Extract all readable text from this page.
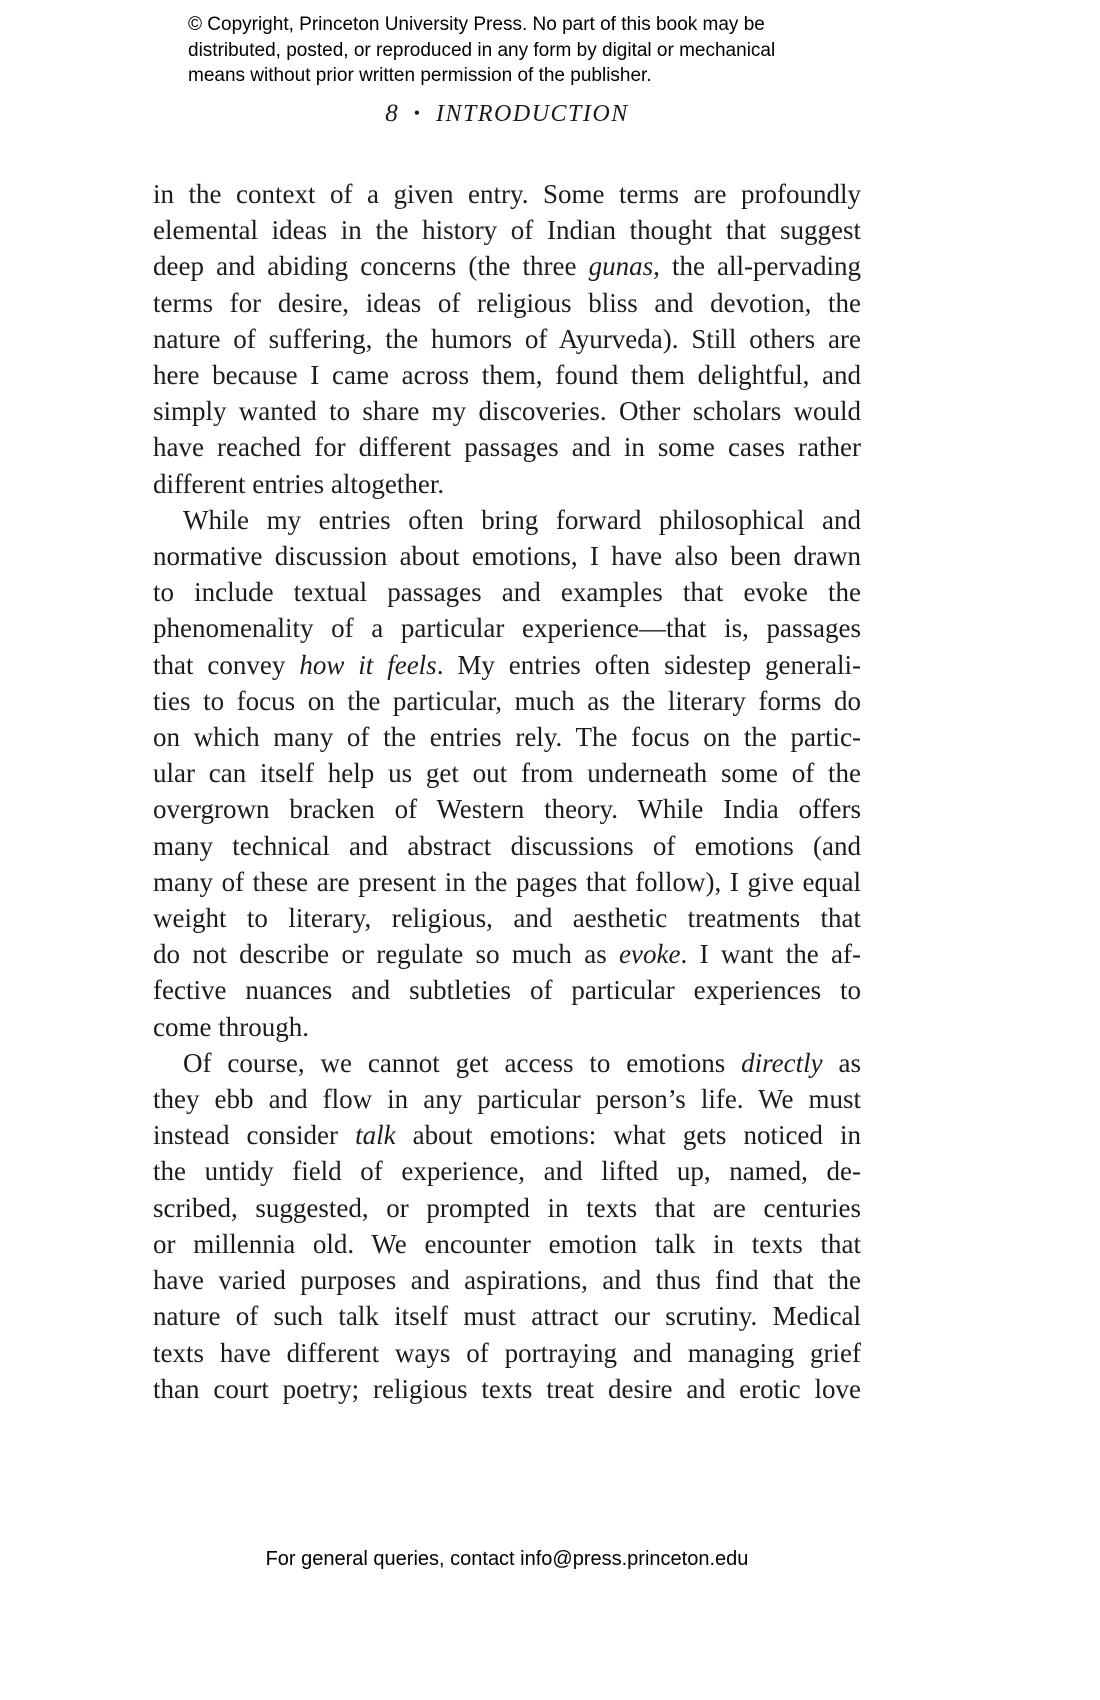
© Copyright, Princeton University Press. No part of this book may be
distributed, posted, or reproduced in any form by digital or mechanical
means without prior written permission of the publisher.
8 • INTRODUCTION
in the context of a given entry. Some terms are profoundly
elemental ideas in the history of Indian thought that suggest
deep and abiding concerns (the three gunas, the all-pervading
terms for desire, ideas of religious bliss and devotion, the
nature of suffering, the humors of Ayurveda). Still others are
here because I came across them, found them delightful, and
simply wanted to share my discoveries. Other scholars would
have reached for different passages and in some cases rather
different entries altogether.
While my entries often bring forward philosophical and
normative discussion about emotions, I have also been drawn
to include textual passages and examples that evoke the
phenomenality of a particular experience—that is, passages
that convey how it feels. My entries often sidestep generali-
ties to focus on the particular, much as the literary forms do
on which many of the entries rely. The focus on the partic-
ular can itself help us get out from underneath some of the
overgrown bracken of Western theory. While India offers
many technical and abstract discussions of emotions (and
many of these are present in the pages that follow), I give equal
weight to literary, religious, and aesthetic treatments that
do not describe or regulate so much as evoke. I want the af-
fective nuances and subtleties of particular experiences to
come through.
Of course, we cannot get access to emotions directly as
they ebb and flow in any particular person’s life. We must
instead consider talk about emotions: what gets noticed in
the untidy field of experience, and lifted up, named, de-
scribed, suggested, or prompted in texts that are centuries
or millennia old. We encounter emotion talk in texts that
have varied purposes and aspirations, and thus find that the
nature of such talk itself must attract our scrutiny. Medical
texts have different ways of portraying and managing grief
than court poetry; religious texts treat desire and erotic love
For general queries, contact info@press.princeton.edu
